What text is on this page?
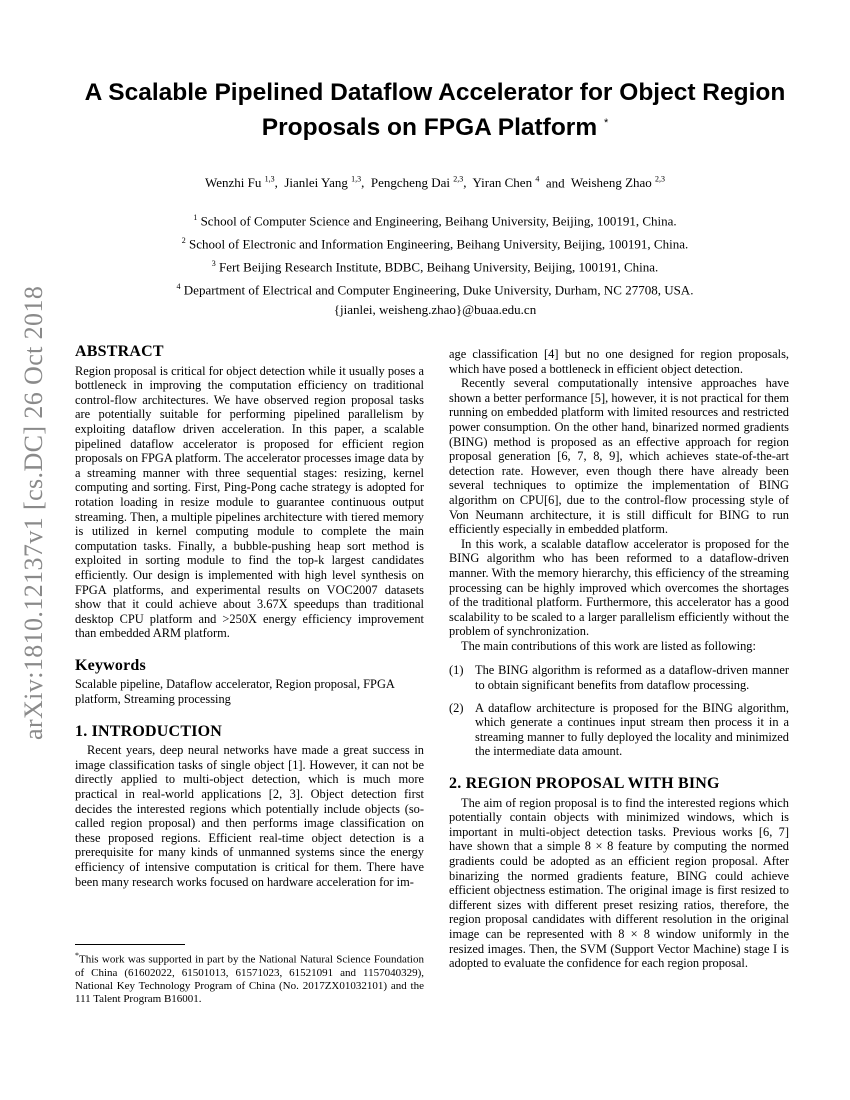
arXiv:1810.12137v1 [cs.DC] 26 Oct 2018
A Scalable Pipelined Dataflow Accelerator for Object Region Proposals on FPGA Platform *
Wenzhi Fu $^{1,3}$, Jianlei Yang $^{1,3}$, Pengcheng Dai $^{2,3}$, Yiran Chen $^4$ and Weisheng Zhao $^{2,3}$
$^1$ School of Computer Science and Engineering, Beihang University, Beijing, 100191, China.
$^2$ School of Electronic and Information Engineering, Beihang University, Beijing, 100191, China.
$^3$ Fert Beijing Research Institute, BDBC, Beihang University, Beijing, 100191, China.
$^4$ Department of Electrical and Computer Engineering, Duke University, Durham, NC 27708, USA.
{jianlei, weisheng.zhao}@buaa.edu.cn
ABSTRACT

Region proposal is critical for object detection while it usually poses a bottleneck in improving the computation efficiency on traditional control-flow architectures. We have observed region proposal tasks are potentially suitable for performing pipelined parallelism by exploiting dataflow driven acceleration. In this paper, a scalable pipelined dataflow accelerator is proposed for efficient region proposals on FPGA platform. The accelerator processes image data by a streaming manner with three sequential stages: resizing, kernel computing and sorting. First, Ping-Pong cache strategy is adopted for rotation loading in resize module to guarantee continuous output streaming. Then, a multiple pipelines architecture with tiered memory is utilized in kernel computing module to complete the main computation tasks. Finally, a bubble-pushing heap sort method is exploited in sorting module to find the top-k largest candidates efficiently. Our design is implemented with high level synthesis on FPGA platforms, and experimental results on VOC2007 datasets show that it could achieve about 3.67X speedups than traditional desktop CPU platform and >250X energy efficiency improvement than embedded ARM platform.

Keywords

Scalable pipeline, Dataflow accelerator, Region proposal, FPGA platform, Streaming processing

1. INTRODUCTION

Recent years, deep neural networks have made a great success in image classification tasks of single object [1]. However, it can not be directly applied to multi-object detection, which is much more practical in real-world applications [2, 3]. Object detection first decides the interested regions which potentially include objects (so-called region proposal) and then performs image classification on these proposed regions. Efficient real-time object detection is a prerequisite for many kinds of unmanned systems since the energy efficiency of intensive computation is critical for them. There have been many research works focused on hardware acceleration for im-

*This work was supported in part by the National Natural Science Foundation of China (61602022, 61501013, 61571023, 61521091 and 1157040329), National Key Technology Program of China (No. 2017ZX01032101) and the 111 Talent Program B16001.

age classification [4] but no one designed for region proposals, which have posed a bottleneck in efficient object detection.

Recently several computationally intensive approaches have shown a better performance [5], however, it is not practical for them running on embedded platform with limited resources and restricted power consumption. On the other hand, binarized normed gradients (BING) method is proposed as an effective approach for region proposal generation [6, 7, 8, 9], which achieves state-of-the-art detection rate. However, even though there have already been several techniques to optimize the implementation of BING algorithm on CPU[6], due to the control-flow processing style of Von Neumann architecture, it is still difficult for BING to run efficiently especially in embedded platform.

In this work, a scalable dataflow accelerator is proposed for the BING algorithm who has been reformed to a dataflow-driven manner. With the memory hierarchy, this efficiency of the streaming processing can be highly improved which overcomes the shortages of the traditional platform. Furthermore, this accelerator has a good scalability to be scaled to a larger parallelism efficiently without the problem of synchronization.

The main contributions of this work are listed as following:

(1) The BING algorithm is reformed as a dataflow-driven manner to obtain significant benefits from dataflow processing.
(2) A dataflow architecture is proposed for the BING algorithm, which generate a continues input stream then process it in a streaming manner to fully deployed the locality and minimized the intermediate data amount.
2. REGION PROPOSAL WITH BING

The aim of region proposal is to find the interested regions which potentially contain objects with minimized windows, which is important in multi-object detection tasks. Previous works [6, 7] have shown that a simple 8 × 8 feature by computing the normed gradients could be adopted as an efficient region proposal. After binarizing the normed gradients feature, BING could achieve efficient objectness estimation. The original image is first resized to different sizes with different preset resizing ratios, therefore, the region proposal candidates with different resolution in the original image can be represented with 8 × 8 window uniformly in the resized images. Then, the SVM (Support Vector Machine) stage I is adopted to evaluate the confidence for each region proposal.
